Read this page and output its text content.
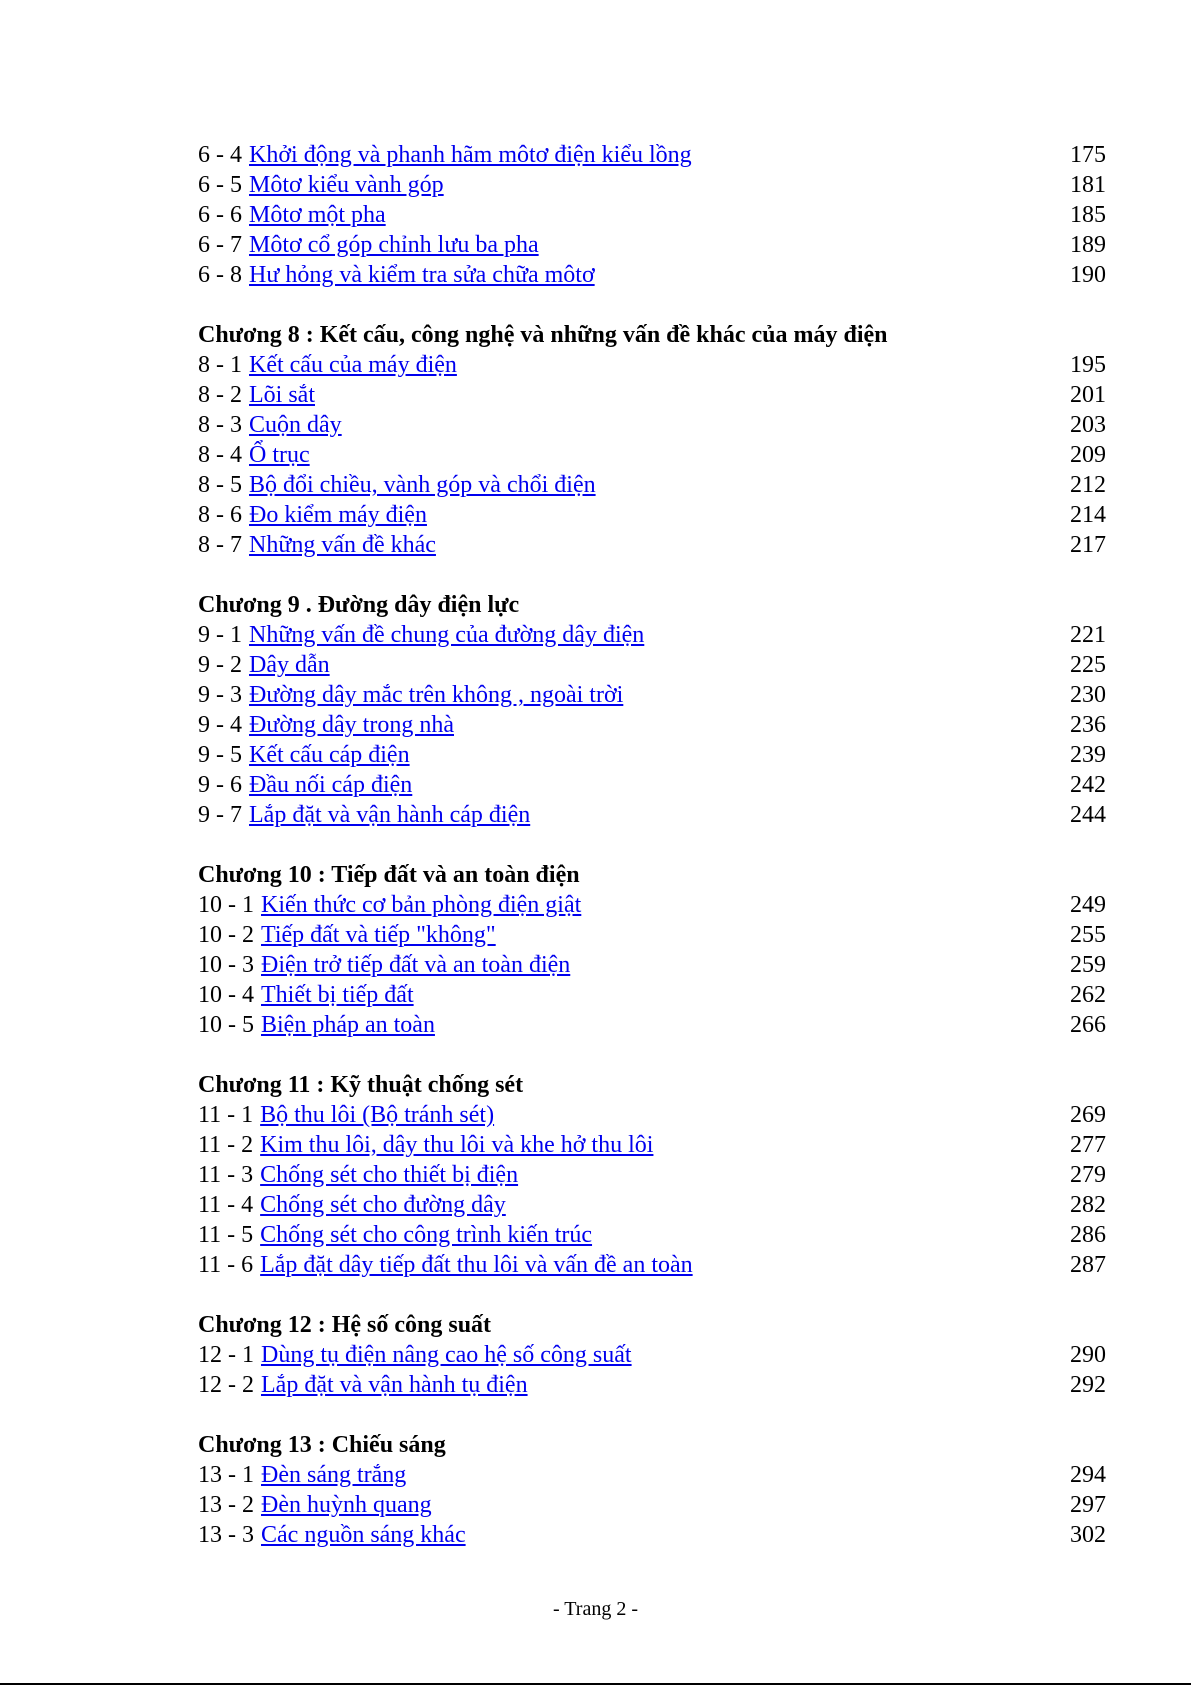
6 - 4 Khởi động và phanh hãm môtơ điện kiểu lồng	175
6 - 5 Môtơ kiểu vành góp	181
6 - 6 Môtơ một pha	185
6 - 7 Môtơ cổ góp chỉnh lưu ba pha	189
6 - 8 Hư hỏng và kiểm tra sửa chữa môtơ	190
Chương 8 : Kết cấu, công nghệ và những vấn đề khác của máy điện
8 - 1 Kết cấu của máy điện	195
8 - 2 Lõi sắt	201
8 - 3 Cuộn dây	203
8 - 4 Ổ trục	209
8 - 5 Bộ đổi chiều, vành góp và chổi điện	212
8 - 6 Đo kiểm máy điện	214
8 - 7 Những vấn đề khác	217
Chương 9 . Đường dây điện lực
9 - 1 Những vấn đề chung của đường dây điện	221
9 - 2 Dây dẫn	225
9 - 3 Đường dây mắc trên không , ngoài trời	230
9 - 4 Đường dây trong nhà	236
9 - 5 Kết cấu cáp điện	239
9 - 6 Đầu nối cáp điện	242
9 - 7 Lắp đặt và vận hành cáp điện	244
Chương 10 : Tiếp đất và an toàn điện
10 - 1 Kiến thức cơ bản phòng điện giật	249
10 - 2 Tiếp đất và tiếp "không"	255
10 - 3 Điện trở tiếp đất và an toàn điện	259
10 - 4 Thiết bị tiếp đất	262
10 - 5 Biện pháp an toàn	266
Chương 11 : Kỹ thuật chống sét
11 - 1 Bộ thu lôi (Bộ tránh sét)	269
11 - 2 Kim thu lôi, dây thu lôi và khe hở thu lôi	277
11 - 3 Chống sét cho thiết bị điện	279
11 - 4 Chống sét cho đường dây	282
11 - 5 Chống sét cho công trình kiến trúc	286
11 - 6 Lắp đặt dây tiếp đất thu lôi và vấn đề an toàn	287
Chương 12 : Hệ số công suất
12 - 1 Dùng tụ điện nâng cao hệ số công suất	290
12 - 2 Lắp đặt và vận hành tụ điện	292
Chương 13 : Chiếu sáng
13 - 1 Đèn sáng trắng	294
13 - 2 Đèn huỳnh quang	297
13 - 3 Các nguồn sáng khác	302
- Trang 2 -
